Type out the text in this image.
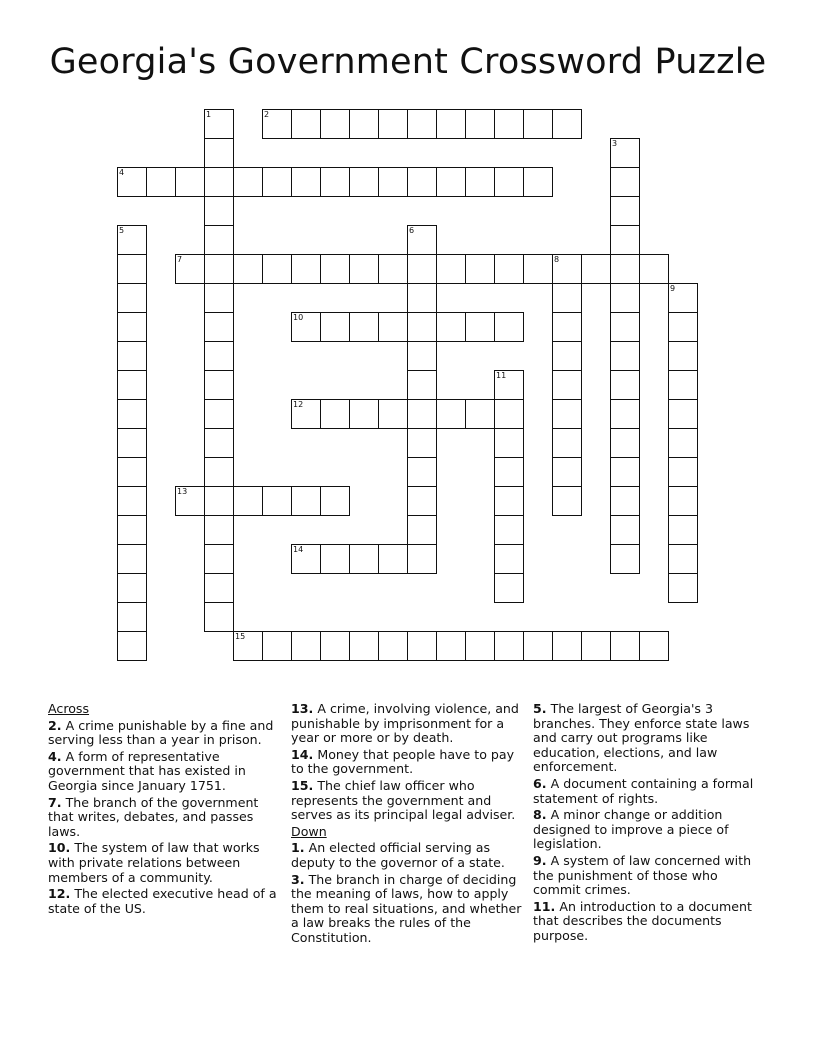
Georgia's Government Crossword Puzzle
2
4
7	8
10
12
13
14
15
1
3
5	6
9
11

Across

2. A crime punishable by a fine and serving less than a year in prison.

4. A form of representative government that has existed in Georgia since January 1751.

7. The branch of the government that writes, debates, and passes laws.

10. The system of law that works with private relations between members of a community.

12. The elected executive head of a state of the US.

13. A crime, involving violence, and punishable by imprisonment for a year or more or by death.

14. Money that people have to pay to the government.

15. The chief law officer who represents the government and serves as its principal legal adviser.

Down

1. An elected official serving as deputy to the governor of a state.

3. The branch in charge of deciding the meaning of laws, how to apply them to real situations, and whether a law breaks the rules of the Constitution.

5. The largest of Georgia's 3 branches. They enforce state laws and carry out programs like education, elections, and law enforcement.

6. A document containing a formal statement of rights.

8. A minor change or addition designed to improve a piece of legislation.

9. A system of law concerned with the punishment of those who commit crimes.

11. An introduction to a document that describes the documents purpose.
